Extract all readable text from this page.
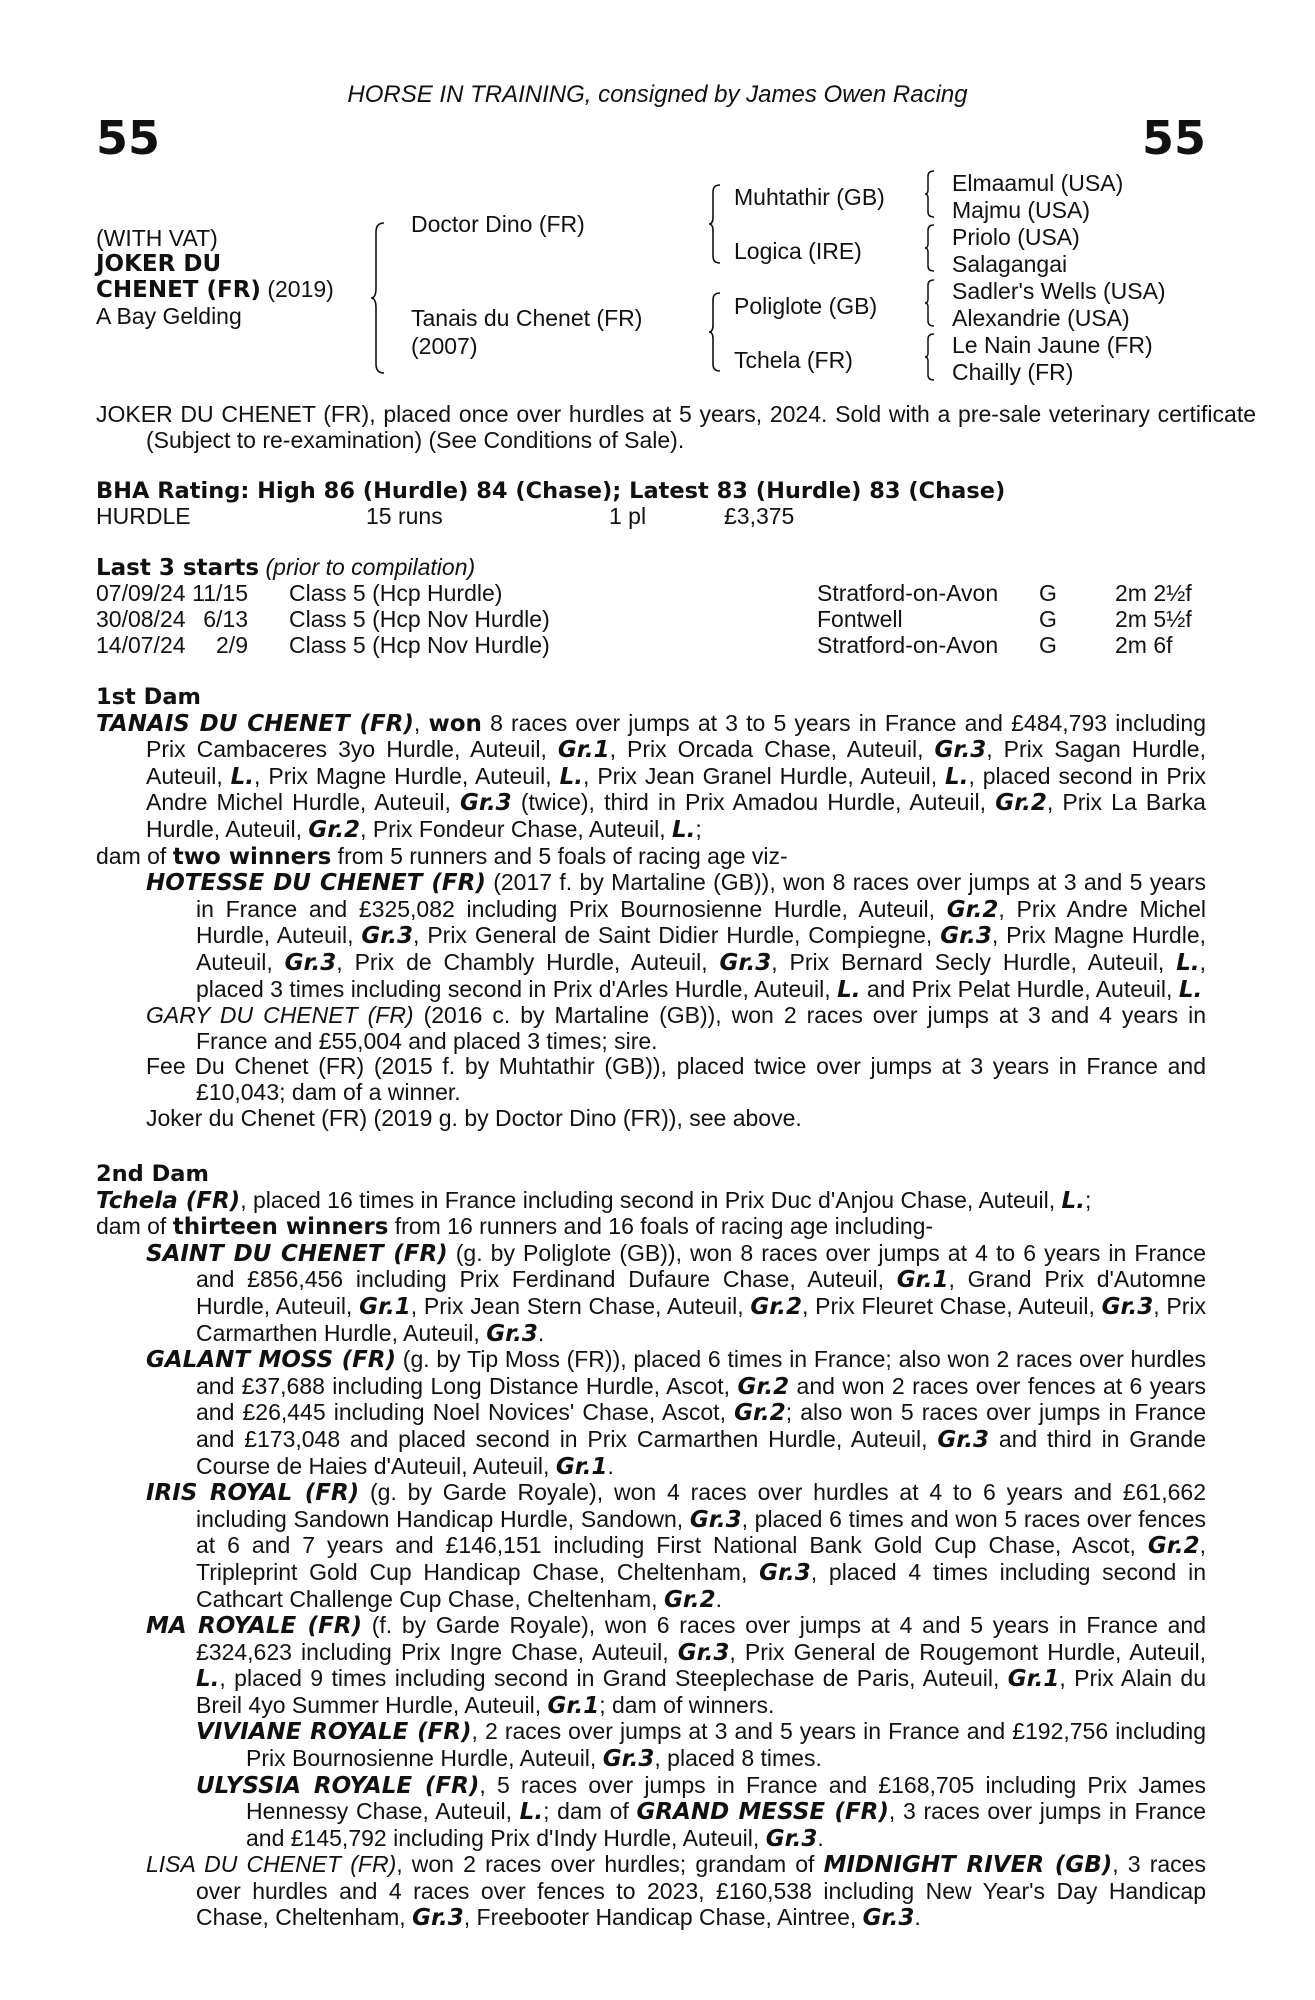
HORSE IN TRAINING, consigned by James Owen Racing
55	55
(WITH VAT)
JOKER DU
CHENET (FR) (2019)
A Bay Gelding
Doctor Dino (FR)
Tanais du Chenet (FR)
(2007)
Muhtathir (GB)
Logica (IRE)
Poliglote (GB)
Tchela (FR)
Elmaamul (USA)
Majmu (USA)
Priolo (USA)
Salagangai
Sadler's Wells (USA)
Alexandrie (USA)
Le Nain Jaune (FR)
Chailly (FR)
JOKER DU CHENET (FR), placed once over hurdles at 5 years, 2024. Sold with a pre-sale veterinary certificate (Subject to re-examination) (See Conditions of Sale).
BHA Rating: High 86 (Hurdle) 84 (Chase); Latest 83 (Hurdle) 83 (Chase)
HURDLE	15 runs	1 pl	£3,375
Last 3 starts (prior to compilation)
07/09/24 11/15 Class 5 (Hcp Hurdle)	Stratford-on-Avon G	2m 2½f
30/08/24 6/13 Class 5 (Hcp Nov Hurdle)	Fontwell	G	2m 5½f
14/07/24 2/9 Class 5 (Hcp Nov Hurdle)	Stratford-on-Avon G	2m 6f
1st Dam

TANAIS DU CHENET (FR), won 8 races over jumps at 3 to 5 years in France and £484,793 including Prix Cambaceres 3yo Hurdle, Auteuil, Gr.1, Prix Orcada Chase, Auteuil, Gr.3, Prix Sagan Hurdle, Auteuil, L., Prix Magne Hurdle, Auteuil, L., Prix Jean Granel Hurdle, Auteuil, L., placed second in Prix Andre Michel Hurdle, Auteuil, Gr.3 (twice), third in Prix Amadou Hurdle, Auteuil, Gr.2, Prix La Barka Hurdle, Auteuil, Gr.2, Prix Fondeur Chase, Auteuil, L.;

dam of two winners from 5 runners and 5 foals of racing age viz-

HOTESSE DU CHENET (FR) (2017 f. by Martaline (GB)), won 8 races over jumps at 3 and 5 years in France and £325,082 including Prix Bournosienne Hurdle, Auteuil, Gr.2, Prix Andre Michel Hurdle, Auteuil, Gr.3, Prix General de Saint Didier Hurdle, Compiegne, Gr.3, Prix Magne Hurdle, Auteuil, Gr.3, Prix de Chambly Hurdle, Auteuil, Gr.3, Prix Bernard Secly Hurdle, Auteuil, L., placed 3 times including second in Prix d'Arles Hurdle, Auteuil, L. and Prix Pelat Hurdle, Auteuil, L.

GARY DU CHENET (FR) (2016 c. by Martaline (GB)), won 2 races over jumps at 3 and 4 years in France and £55,004 and placed 3 times; sire.

Fee Du Chenet (FR) (2015 f. by Muhtathir (GB)), placed twice over jumps at 3 years in France and £10,043; dam of a winner.

Joker du Chenet (FR) (2019 g. by Doctor Dino (FR)), see above.

2nd Dam

Tchela (FR), placed 16 times in France including second in Prix Duc d'Anjou Chase, Auteuil, L.;

dam of thirteen winners from 16 runners and 16 foals of racing age including-

SAINT DU CHENET (FR) (g. by Poliglote (GB)), won 8 races over jumps at 4 to 6 years in France and £856,456 including Prix Ferdinand Dufaure Chase, Auteuil, Gr.1, Grand Prix d'Automne Hurdle, Auteuil, Gr.1, Prix Jean Stern Chase, Auteuil, Gr.2, Prix Fleuret Chase, Auteuil, Gr.3, Prix Carmarthen Hurdle, Auteuil, Gr.3.

GALANT MOSS (FR) (g. by Tip Moss (FR)), placed 6 times in France; also won 2 races over hurdles and £37,688 including Long Distance Hurdle, Ascot, Gr.2 and won 2 races over fences at 6 years and £26,445 including Noel Novices' Chase, Ascot, Gr.2; also won 5 races over jumps in France and £173,048 and placed second in Prix Carmarthen Hurdle, Auteuil, Gr.3 and third in Grande Course de Haies d'Auteuil, Auteuil, Gr.1.

IRIS ROYAL (FR) (g. by Garde Royale), won 4 races over hurdles at 4 to 6 years and £61,662 including Sandown Handicap Hurdle, Sandown, Gr.3, placed 6 times and won 5 races over fences at 6 and 7 years and £146,151 including First National Bank Gold Cup Chase, Ascot, Gr.2, Tripleprint Gold Cup Handicap Chase, Cheltenham, Gr.3, placed 4 times including second in Cathcart Challenge Cup Chase, Cheltenham, Gr.2.

MA ROYALE (FR) (f. by Garde Royale), won 6 races over jumps at 4 and 5 years in France and £324,623 including Prix Ingre Chase, Auteuil, Gr.3, Prix General de Rougemont Hurdle, Auteuil, L., placed 9 times including second in Grand Steeplechase de Paris, Auteuil, Gr.1, Prix Alain du Breil 4yo Summer Hurdle, Auteuil, Gr.1; dam of winners.

VIVIANE ROYALE (FR), 2 races over jumps at 3 and 5 years in France and £192,756 including Prix Bournosienne Hurdle, Auteuil, Gr.3, placed 8 times.

ULYSSIA ROYALE (FR), 5 races over jumps in France and £168,705 including Prix James Hennessy Chase, Auteuil, L.; dam of GRAND MESSE (FR), 3 races over jumps in France and £145,792 including Prix d'Indy Hurdle, Auteuil, Gr.3.

LISA DU CHENET (FR), won 2 races over hurdles; grandam of MIDNIGHT RIVER (GB), 3 races over hurdles and 4 races over fences to 2023, £160,538 including New Year's Day Handicap Chase, Cheltenham, Gr.3, Freebooter Handicap Chase, Aintree, Gr.3.
